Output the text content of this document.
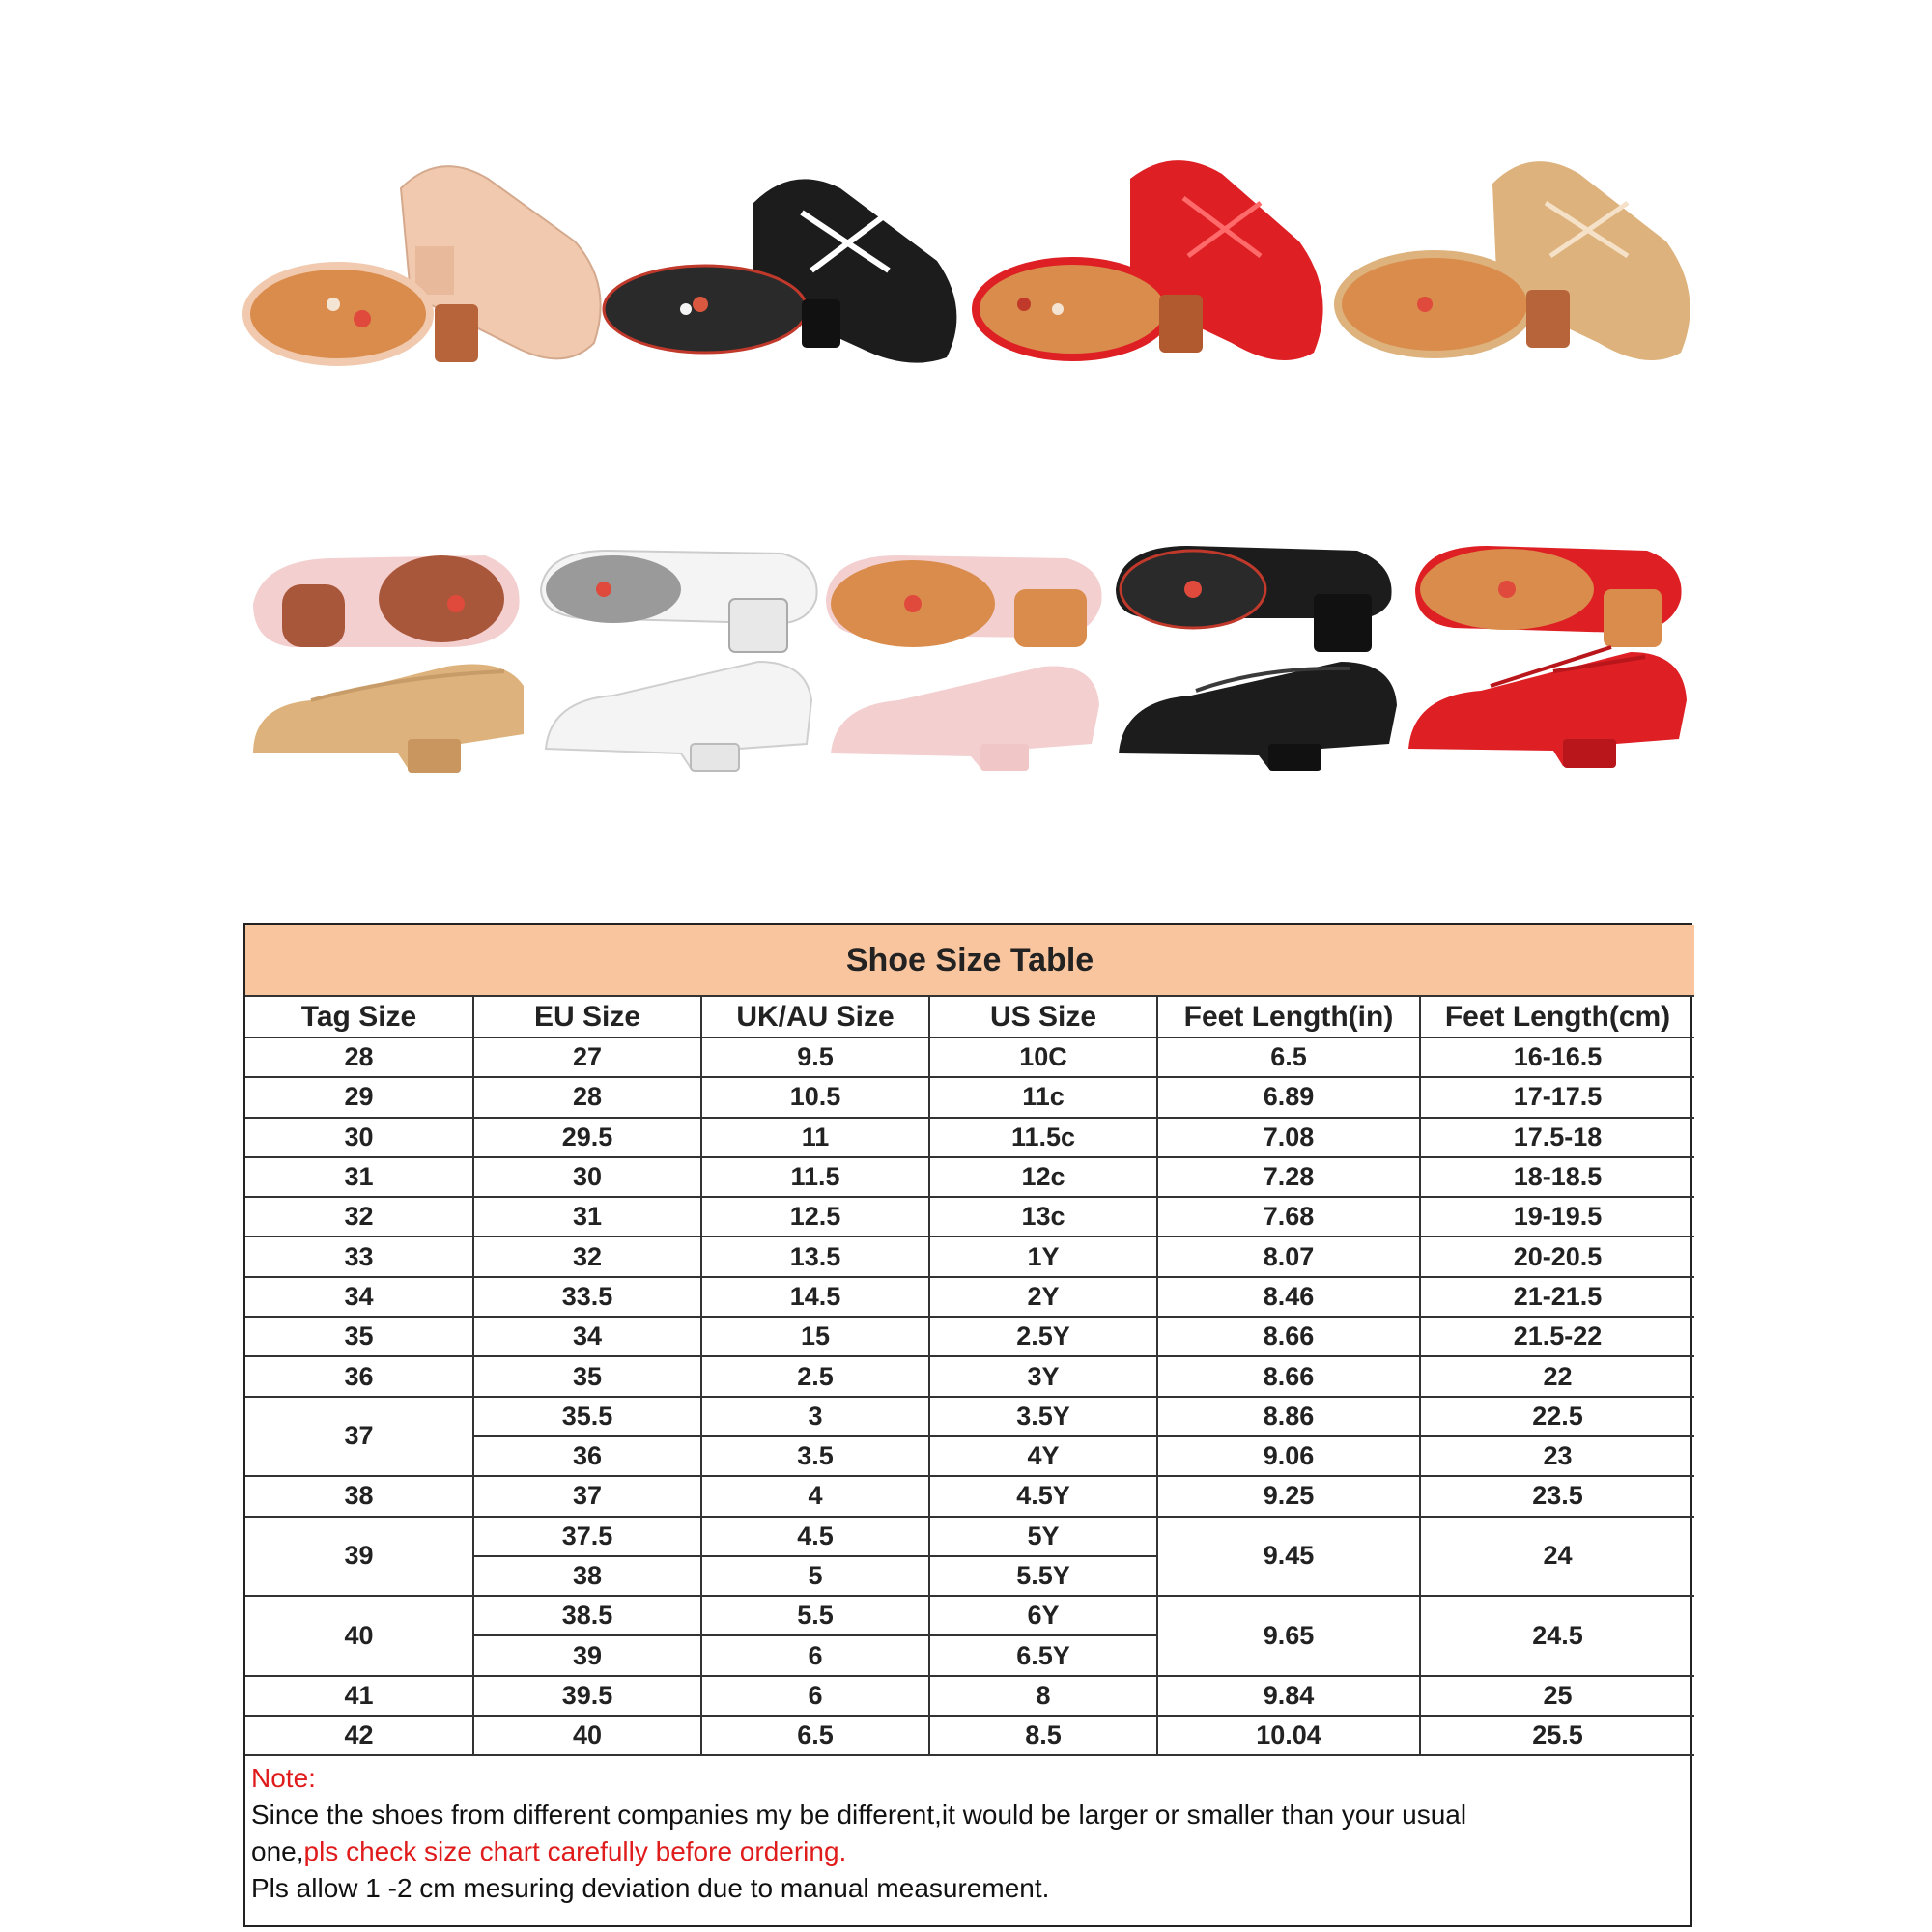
Shoe Size Table					
Tag Size	EU Size	UK/AU Size	US Size	Feet Length(in)	Feet Length(cm)
28	27	9.5	10C	6.5	16-16.5
29	28	10.5	11c	6.89	17-17.5
30	29.5	11	11.5c	7.08	17.5-18
31	30	11.5	12c	7.28	18-18.5
32	31	12.5	13c	7.68	19-19.5
33	32	13.5	1Y	8.07	20-20.5
34	33.5	14.5	2Y	8.46	21-21.5
35	34	15	2.5Y	8.66	21.5-22
36	35	2.5	3Y	8.66	22
37	35.5	3	3.5Y	8.86	22.5
	36	3.5	4Y	9.06	23
38	37	4	4.5Y	9.25	23.5
39	37.5	4.5	5Y	9.45	24
	38	5	5.5Y		
40	38.5	5.5	6Y	9.65	24.5
	39	6	6.5Y		
41	39.5	6	8	9.84	25
42	40	6.5	8.5	10.04	25.5
Note:
Since the shoes from different companies my be different,it would be larger or smaller than your usual
one,pls check size chart carefully before ordering.
Pls allow 1 -2 cm mesuring deviation due to manual measurement.
